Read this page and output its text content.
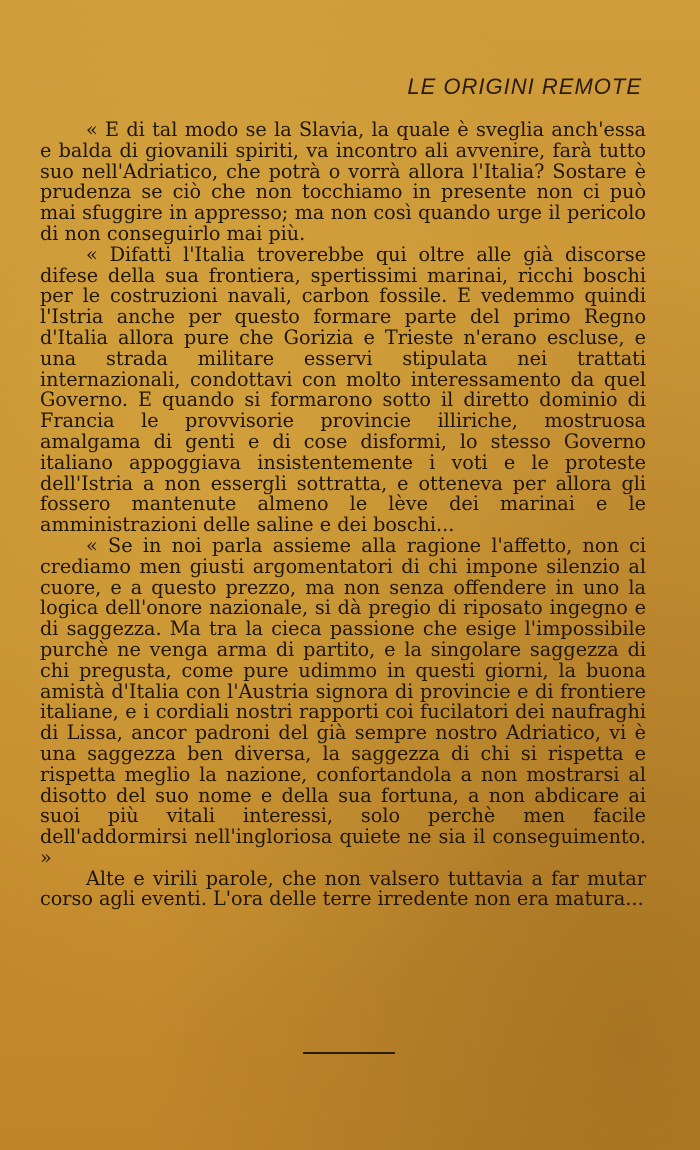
LE ORIGINI REMOTE

« E di tal modo se la Slavia, la quale è sveglia anch'essa e balda di giovanili spiriti, va incontro ali avvenire, farà tutto suo nell'Adriatico, che potrà o vorrà allora l'Italia? Sostare è prudenza se ciò che non tocchiamo in presente non ci può mai sfuggire in appresso; ma non così quando urge il pericolo di non conseguirlo mai più.

« Difatti l'Italia troverebbe qui oltre alle già discorse difese della sua frontiera, spertissimi marinai, ricchi boschi per le costruzioni navali, carbon fossile. E vedemmo quindi l'Istria anche per questo formare parte del primo Regno d'Italia allora pure che Gorizia e Trieste n'erano escluse, e una strada militare esservi stipulata nei trattati internazionali, condottavi con molto interessamento da quel Governo. E quando si formarono sotto il diretto dominio di Francia le provvisorie provincie illiriche, mostruosa amalgama di genti e di cose disformi, lo stesso Governo italiano appoggiava insistentemente i voti e le proteste dell'Istria a non essergli sottratta, e otteneva per allora gli fossero mantenute almeno le lève dei marinai e le amministrazioni delle saline e dei boschi...

« Se in noi parla assieme alla ragione l'affetto, non ci crediamo men giusti argomentatori di chi impone silenzio al cuore, e a questo prezzo, ma non senza offendere in uno la logica dell'onore nazionale, si dà pregio di riposato ingegno e di saggezza. Ma tra la cieca passione che esige l'impossibile purchè ne venga arma di partito, e la singolare saggezza di chi pregusta, come pure udimmo in questi giorni, la buona amistà d'Italia con l'Austria signora di provincie e di frontiere italiane, e i cordiali nostri rapporti coi fucilatori dei naufraghi di Lissa, ancor padroni del già sempre nostro Adriatico, vi è una saggezza ben diversa, la saggezza di chi si rispetta e rispetta meglio la nazione, confortandola a non mostrarsi al disotto del suo nome e della sua fortuna, a non abdicare ai suoi più vitali interessi, solo perchè men facile dell'addormirsi nell'ingloriosa quiete ne sia il conseguimento. »

Alte e virili parole, che non valsero tuttavia a far mutar corso agli eventi. L'ora delle terre irredente non era matura...
